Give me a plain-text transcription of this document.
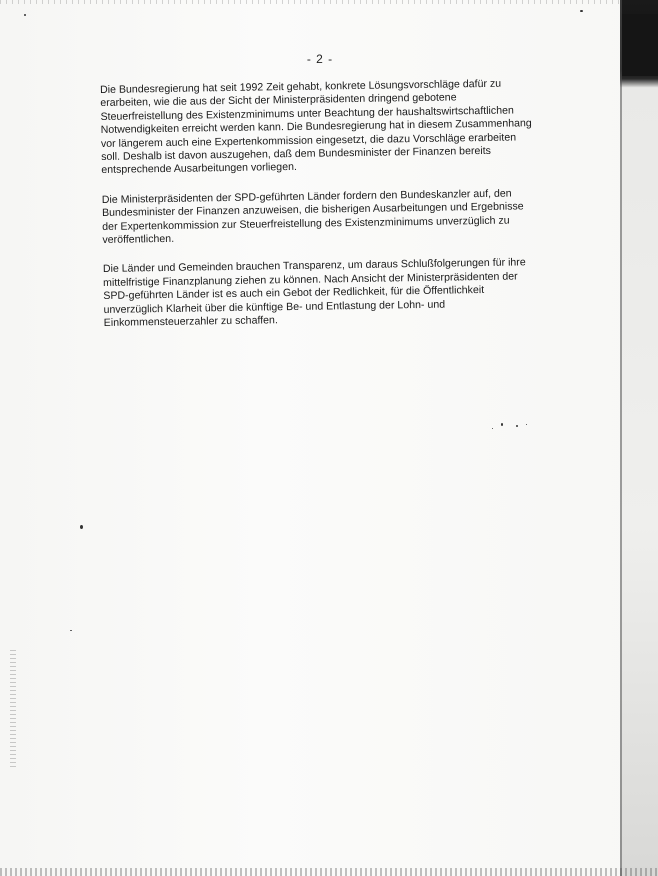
- 2 -

Die Bundesregierung hat seit 1992 Zeit gehabt, konkrete Lösungsvorschläge dafür zu erarbeiten, wie die aus der Sicht der Ministerpräsidenten dringend gebotene Steuerfreistellung des Existenzminimums unter Beachtung der haushaltswirtschaftlichen Notwendigkeiten erreicht werden kann. Die Bundesregierung hat in diesem Zusammenhang vor längerem auch eine Expertenkommission eingesetzt, die dazu Vorschläge erarbeiten soll. Deshalb ist davon auszugehen, daß dem Bundesminister der Finanzen bereits entsprechende Ausarbeitungen vorliegen.

Die Ministerpräsidenten der SPD-geführten Länder fordern den Bundeskanzler auf, den Bundesminister der Finanzen anzuweisen, die bisherigen Ausarbeitungen und Ergebnisse der Expertenkommission zur Steuerfreistellung des Existenzminimums unverzüglich zu veröffentlichen.

Die Länder und Gemeinden brauchen Transparenz, um daraus Schlußfolgerungen für ihre mittelfristige Finanzplanung ziehen zu können. Nach Ansicht der Ministerpräsidenten der SPD-geführten Länder ist es auch ein Gebot der Redlichkeit, für die Öffentlichkeit unverzüglich Klarheit über die künftige Be- und Entlastung der Lohn- und Einkommensteuerzahler zu schaffen.
